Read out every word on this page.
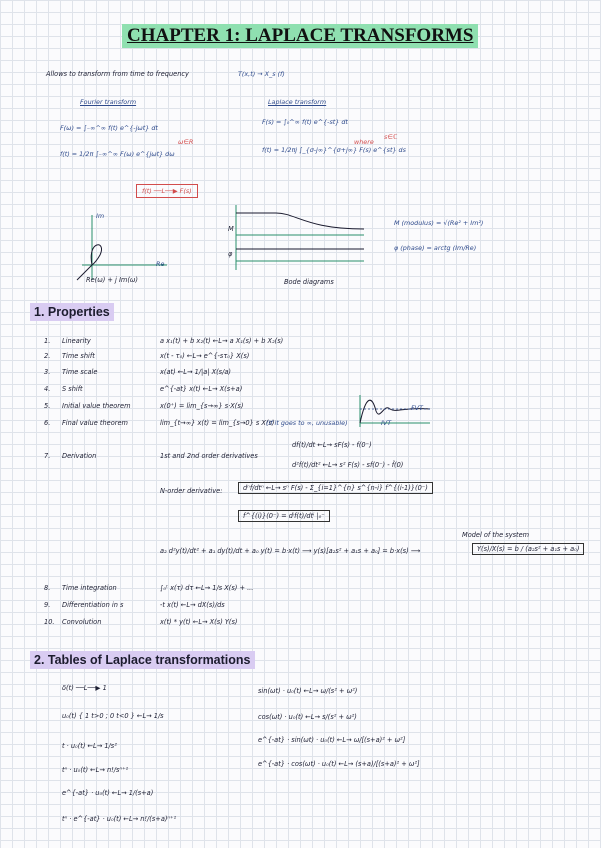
CHAPTER 1: LAPLACE TRANSFORMS
Allows to transform from time to frequency	T(x,t) → X_s (f)
Fourier transform	Laplace transform
F(ω) = ∫₋∞^∞ f(t) e^{-jωt} dt
ω∈R
f(t) = 1/2π ∫₋∞^∞ F(ω) e^{jωt} dω
F(s) = ∫₀^∞ f(t) e^{-st} dt
where
s∈ℂ
f(t) = 1/2πj ∫_{σ-j∞}^{σ+j∞} F(s) e^{st} ds
f(t) ──L──▶ F(s)
Im
Re
Re(ω) + j Im(ω)
M
φ
Bode diagrams
M (modulus) = √(Re² + Im²)
φ (phase) = arctg (Im/Re)
1. Properties
1. Linearity	a x₁(t) + b x₂(t) ←L→ a X₁(s) + b X₂(s)
2. Time shift	x(t - τ₀) ←L→ e^{-sτ₀} X(s)
3. Time scale	x(at) ←L→ 1/|a| X(s/a)
4. S shift	e^{-at} x(t) ←L→ X(s+a)
5. Initial value theorem	x(0⁺) = lim_{s→∞} s·X(s)
6. Final value theorem	lim_{t→∞} x(t) = lim_{s→0} s X(s)
(if it goes to ∞, unusable)
FVT
IVT
7. Derivation	1st and 2nd order derivatives
df(t)/dt ←L→ sF(s) - f(0⁻)
d²f(t)/dt² ←L→ s² F(s) - sf(0⁻) - ḟ(0)
N-order derivative:	dⁿf/dtⁿ ←L→ sⁿ F(s) - Σ_{i=1}^{n} s^{n-i} f^{(i-1)}(0⁻)
f^{(i)}(0⁻) = dⁱf(t)/dtⁱ |₀⁻
Model of the system
a₂ d²y(t)/dt² + a₁ dy(t)/dt + a₀ y(t) = b·x(t) ⟶ y(s)[a₂s² + a₁s + a₀] = b·x(s) ⟶	Y(s)/X(s) = b / (a₂s² + a₁s + a₀)
8. Time integration	∫₀ᵗ x(τ) dτ ←L→ 1/s X(s) + ...
9. Differentiation in s	-t x(t) ←L→ dX(s)/ds
10. Convolution	x(t) * y(t) ←L→ X(s) Y(s)
2. Tables of Laplace transformations
δ(t) ──L──▶ 1
u₀(t) { 1 t>0 ; 0 t<0 } ←L→ 1/s
t · u₀(t) ←L→ 1/s²
tⁿ · u₀(t) ←L→ n!/sⁿ⁺¹
e^{-at} · u₀(t) ←L→ 1/(s+a)
tⁿ · e^{-at} · u₀(t) ←L→ n!/(s+a)ⁿ⁺¹
sin(ωt) · u₀(t) ←L→ ω/(s² + ω²)
cos(ωt) · u₀(t) ←L→ s/(s² + ω²)
e^{-at} · sin(ωt) · u₀(t) ←L→ ω/[(s+a)² + ω²]
e^{-at} · cos(ωt) · u₀(t) ←L→ (s+a)/[(s+a)² + ω²]
